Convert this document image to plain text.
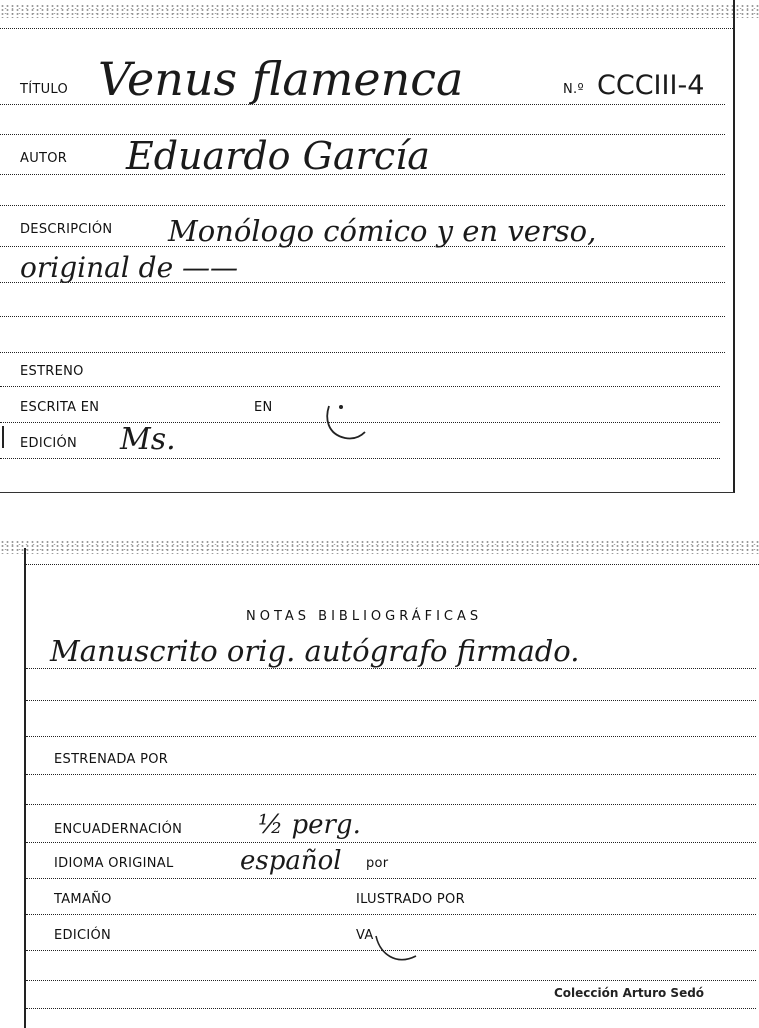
TÍTULO Venus flamenca	N.º CCCIII-4
AUTOR Eduardo García
DESCRIPCIÓN Monólogo cómico y en verso,
original de ——
ESTRENO
ESCRITA EN	EN
EDICIÓN Ms.
NOTAS BIBLIOGRÁFICAS
Manuscrito orig. autógrafo firmado.
ESTRENADA POR
ENCUADERNACIÓN	½ perg.
IDIOMA ORIGINAL	español por
TAMAÑO	ILUSTRADO POR
EDICIÓN	VA
Colección Arturo Sedó
